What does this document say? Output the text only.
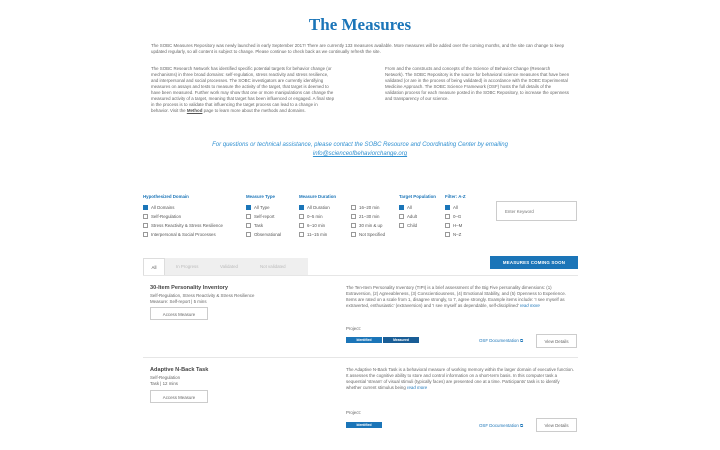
The Measures
The SOBC Measures Repository was newly launched in early September 2017! There are currently 133 measures available. More measures will be added over the coming months, and the site can change to keep updated regularly, so all content is subject to change. Please continue to check back as we continually refresh the site.
The SOBC Research Network has identified specific potential targets for behavior change (or mechanisms) in three broad domains: self-regulation, stress reactivity and stress resilience, and interpersonal and social processes. The SOBC investigators are currently identifying measures on assays and tests to measure the activity of the target, that target is deemed to have been measured. Further work may show that one or more manipulations can change the measured activity of a target, meaning that target has been influenced or engaged. A final step in the process is to validate that influencing the target process can lead to a change in behavior. Visit the Method page to learn more about the methods and domains.
From and the constructs and concepts of the Science of Behavior Change (Research Network). The SOBC Repository is the source for behavioral science measures that have been validated (or are in the process of being validated) in accordance with the SOBC Experimental Medicine Approach. The SOBC Science Framework (OSF) hosts the full details of the validation process for each measure posted in the SOBC Repository, to increase the openness and transparency of our science.
For questions or technical assistance, please contact the SOBC Resource and Coordinating Center by emailing
info@scienceofbehaviorchange.org
Hypothesized Domain
All Domains
Self-Regulation
Stress Reactivity & Stress Resilience
Interpersonal & Social Processes
Measure Type
All Type
Self-report
Task
Observational
Measure Duration
All Duration
0–5 min
6–10 min
11–15 min
16–20 min
21–30 min
30 min & up
Not Specified
Target Population
All
Adult
Child
Filter: A-Z
All
0–G
H–M
N–Z
Enter Keyword
All	In Progress	Validated	Not validated
MEASURES COMING SOON
30-Item Personality Inventory
Self-Regulation, Stress Reactivity & Stress Resilience
Measure: Self-report | 5 mins
Access Measure
The Ten-Item Personality Inventory (TIPI) is a brief assessment of the Big Five personality dimensions: (1) Extraversion, (2) Agreeableness, (3) Conscientiousness, (4) Emotional Stability, and (5) Openness to Experience. Items are rated on a scale from 1, disagree strongly, to 7, agree strongly. Example items include: 'I see myself as extraverted, enthusiastic' (extraversion) and 'I see myself as dependable, self-disciplined' read more
Project:
Identified	Measured	OSF Documentation ⧉	View Details
Adaptive N-Back Task
Self-Regulation
Task | 12 mins
Access Measure
The Adaptive N-Back Task is a behavioral measure of working memory within the larger domain of executive function. It assesses the cognitive ability to store and control information on a short-term basis. In this computer task a sequential 'stream' of visual stimuli (typically faces) are presented one at a time. Participants' task is to identify whether current stimulus being read more
Project:
Identified	OSF Documentation ⧉	View Details
